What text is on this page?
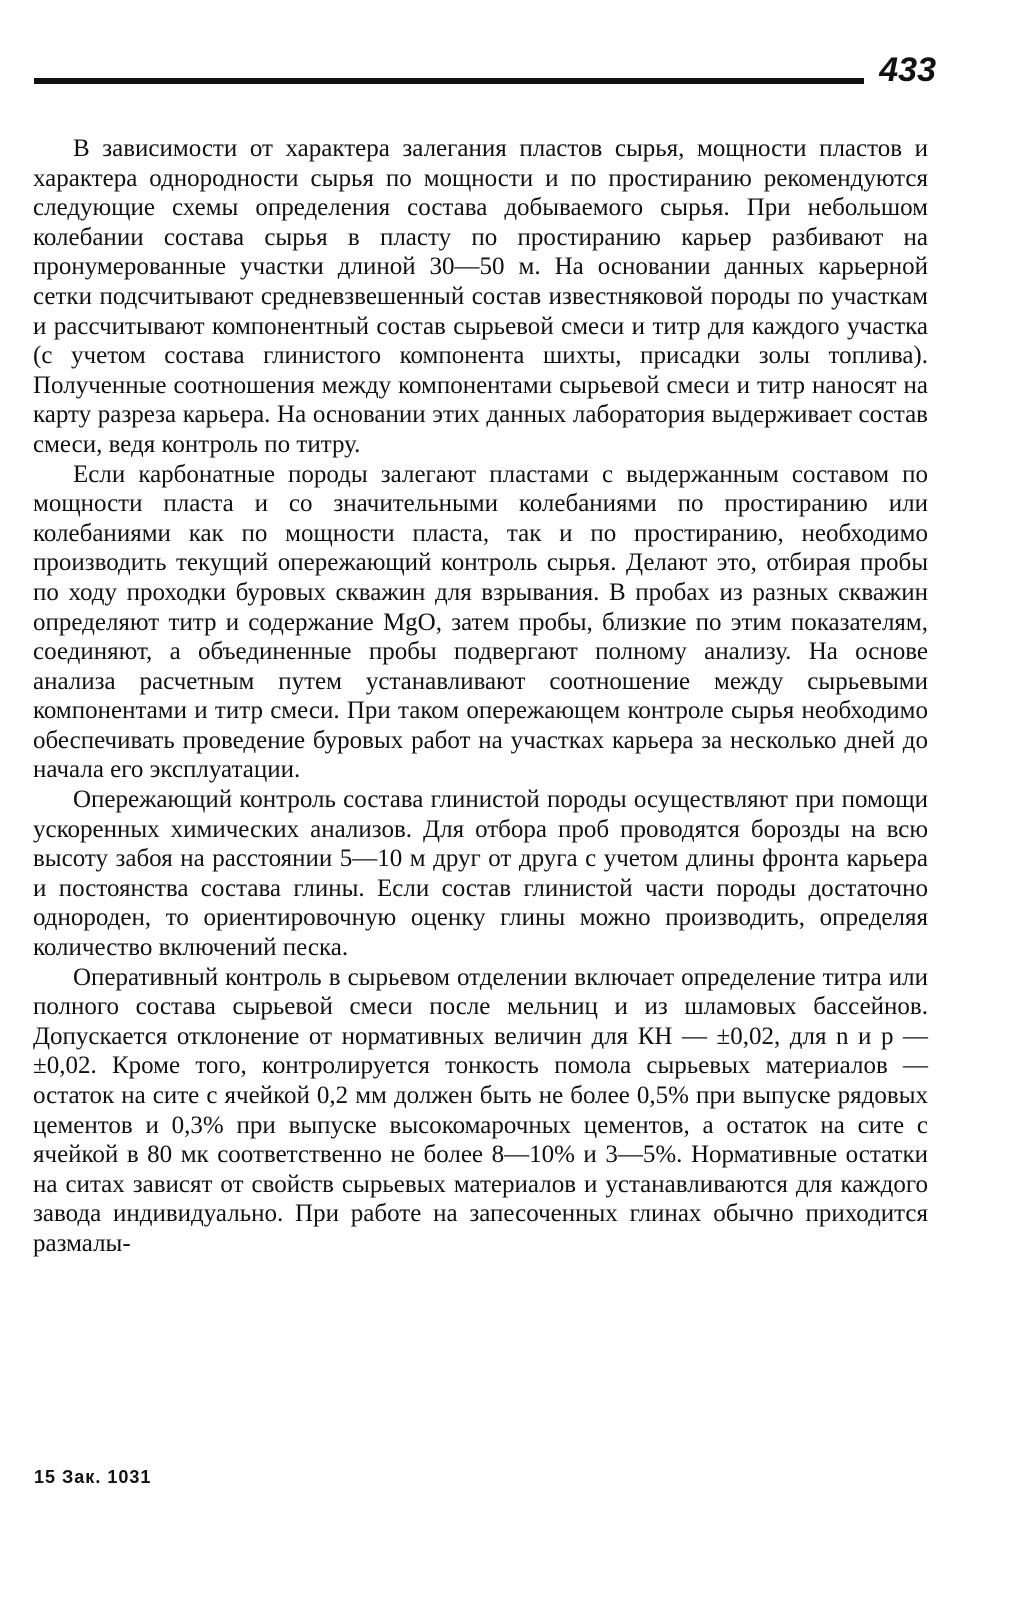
433

В зависимости от характера залегания пластов сырья, мощности пластов и характера однородности сырья по мощности и по простиранию рекомендуются следующие схемы определения состава добываемого сырья. При небольшом колебании состава сырья в пласту по простиранию карьер разбивают на пронумерованные участки длиной 30—50 м. На основании данных карьерной сетки подсчитывают средневзвешенный состав известняковой породы по участкам и рассчитывают компонентный состав сырьевой смеси и титр для каждого участка (с учетом состава глинистого компонента шихты, присадки золы топлива). Полученные соотношения между компонентами сырьевой смеси и титр наносят на карту разреза карьера. На основании этих данных лаборатория выдерживает состав смеси, ведя контроль по титру.

Если карбонатные породы залегают пластами с выдержанным составом по мощности пласта и со значительными колебаниями по простиранию или колебаниями как по мощности пласта, так и по простиранию, необходимо производить текущий опережающий контроль сырья. Делают это, отбирая пробы по ходу проходки буровых скважин для взрывания. В пробах из разных скважин определяют титр и содержание MgO, затем пробы, близкие по этим показателям, соединяют, а объединенные пробы подвергают полному анализу. На основе анализа расчетным путем устанавливают соотношение между сырьевыми компонентами и титр смеси. При таком опережающем контроле сырья необходимо обеспечивать проведение буровых работ на участках карьера за несколько дней до начала его эксплуатации.

Опережающий контроль состава глинистой породы осуществляют при помощи ускоренных химических анализов. Для отбора проб проводятся борозды на всю высоту забоя на расстоянии 5—10 м друг от друга с учетом длины фронта карьера и постоянства состава глины. Если состав глинистой части породы достаточно однороден, то ориентировочную оценку глины можно производить, определяя количество включений песка.

Оперативный контроль в сырьевом отделении включает определение титра или полного состава сырьевой смеси после мельниц и из шламовых бассейнов. Допускается отклонение от нормативных величин для КН — ±0,02, для n и p — ±0,02. Кроме того, контролируется тонкость помола сырьевых материалов — остаток на сите с ячейкой 0,2 мм должен быть не более 0,5% при выпуске рядовых цементов и 0,3% при выпуске высокомарочных цементов, а остаток на сите с ячейкой в 80 мк соответственно не более 8—10% и 3—5%. Нормативные остатки на ситах зависят от свойств сырьевых материалов и устанавливаются для каждого завода индивидуально. При работе на запесоченных глинах обычно приходится размалы-

15 Зак. 1031
